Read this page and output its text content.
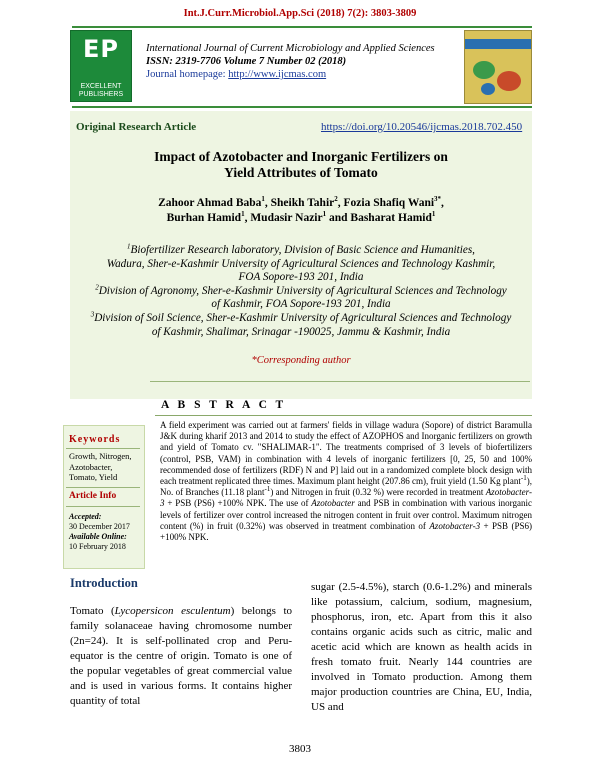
Int.J.Curr.Microbiol.App.Sci (2018) 7(2): 3803-3809
EP
EXCELLENT PUBLISHERS
International Journal of Current Microbiology and Applied Sciences
ISSN: 2319-7706 Volume 7 Number 02 (2018)
Journal homepage: http://www.ijcmas.com
Original Research Article	https://doi.org/10.20546/ijcmas.2018.702.450
Impact of Azotobacter and Inorganic Fertilizers on
Yield Attributes of Tomato
Zahoor Ahmad Baba$^1$, Sheikh Tahir$^2$, Fozia Shafiq Wani$^{3*}$,
Burhan Hamid$^1$, Mudasir Nazir$^1$ and Basharat Hamid$^1$
$^1$Biofertilizer Research laboratory, Division of Basic Science and Humanities,
Wadura, Sher-e-Kashmir University of Agricultural Sciences and Technology Kashmir,
FOA Sopore-193 201, India
$^2$Division of Agronomy, Sher-e-Kashmir University of Agricultural Sciences and Technology
of Kashmir, FOA Sopore-193 201, India
$^3$Division of Soil Science, Sher-e-Kashmir University of Agricultural Sciences and Technology
of Kashmir, Shalimar, Srinagar -190025, Jammu & Kashmir, India
*Corresponding author
A B S T R A C T
A field experiment was carried out at farmers' fields in village wadura (Sopore) of district Baramulla J&K during kharif 2013 and 2014 to study the effect of AZOPHOS and Inorganic fertilizers on growth and yield of Tomato cv. "SHALIMAR-1". The treatments comprised of 3 levels of biofertilizers (control, PSB, VAM) in combination with 4 levels of inorganic fertilizers [0, 25, 50 and 100% recommended dose of fertilizers (RDF) N and P] laid out in a randomized complete block design with each treatment replicated three times. Maximum plant height (207.86 cm), fruit yield (1.50 Kg plant$^{-1}$), No. of Branches (11.18 plant$^{-1}$) and Nitrogen in fruit (0.32 %) were recorded in treatment Azotobacter-3 + PSB (PS6) +100% NPK. The use of Azotobacter and PSB in combination with various inorganic levels of fertilizer over control increased the nitrogen content in fruit over control. Maximum nitrogen content (%) in fruit (0.32%) was observed in treatment combination of Azotobacter-3 + PSB (PS6) +100% NPK.
Keywords
Growth, Nitrogen, Azotobacter, Tomato, Yield
Article Info
Accepted:
30 December 2017
Available Online:
10 February 2018
Introduction
Tomato (Lycopersicon esculentum) belongs to family solanaceae having chromosome number (2n=24). It is self-pollinated crop and Peru-equator is the centre of origin. Tomato is one of the popular vegetables of great commercial value and is used in various forms. It contains higher quantity of total
sugar (2.5-4.5%), starch (0.6-1.2%) and minerals like potassium, calcium, sodium, magnesium, phosphorus, iron, etc. Apart from this it also contains organic acids such as citric, malic and acetic acid which are known as health acids in fresh tomato fruit. Nearly 144 countries are involved in Tomato production. Among them major production countries are China, EU, India, US and
3803
